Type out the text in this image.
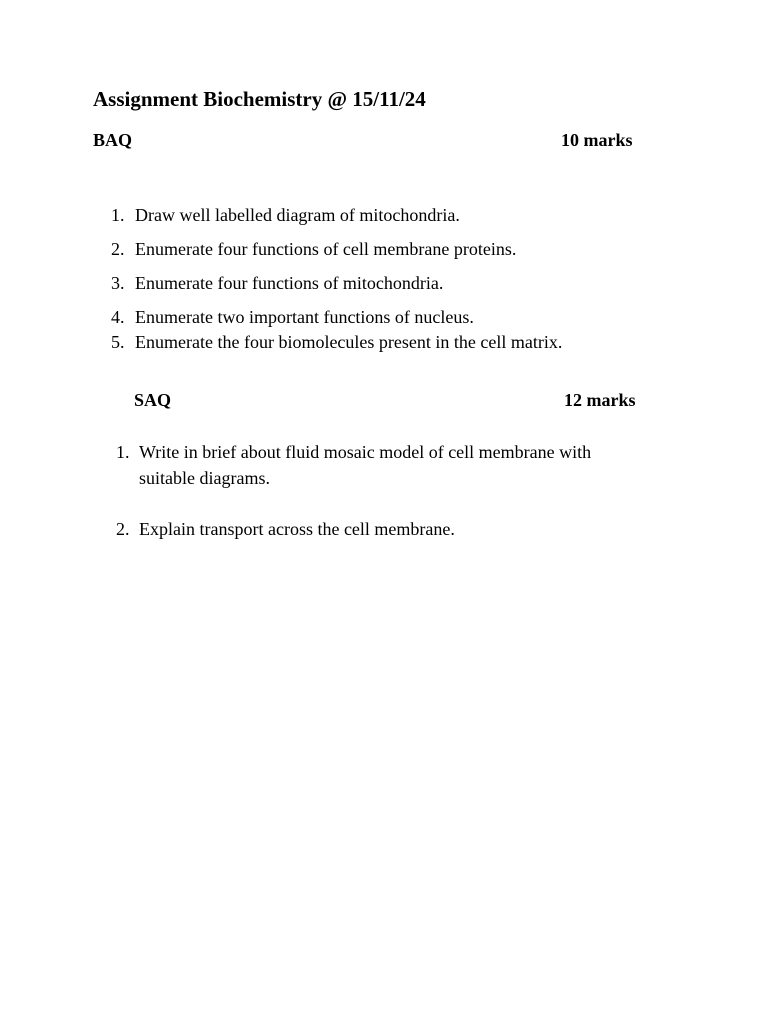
Assignment Biochemistry @ 15/11/24
BAQ	10 marks
1. Draw well labelled diagram of mitochondria.
2. Enumerate four functions of cell membrane proteins.
3. Enumerate four functions of mitochondria.
4. Enumerate two important functions of nucleus.
5. Enumerate the four biomolecules present in the cell matrix.
SAQ	12 marks
1. Write in brief about fluid mosaic model of cell membrane with
suitable diagrams.
2. Explain transport across the cell membrane.
